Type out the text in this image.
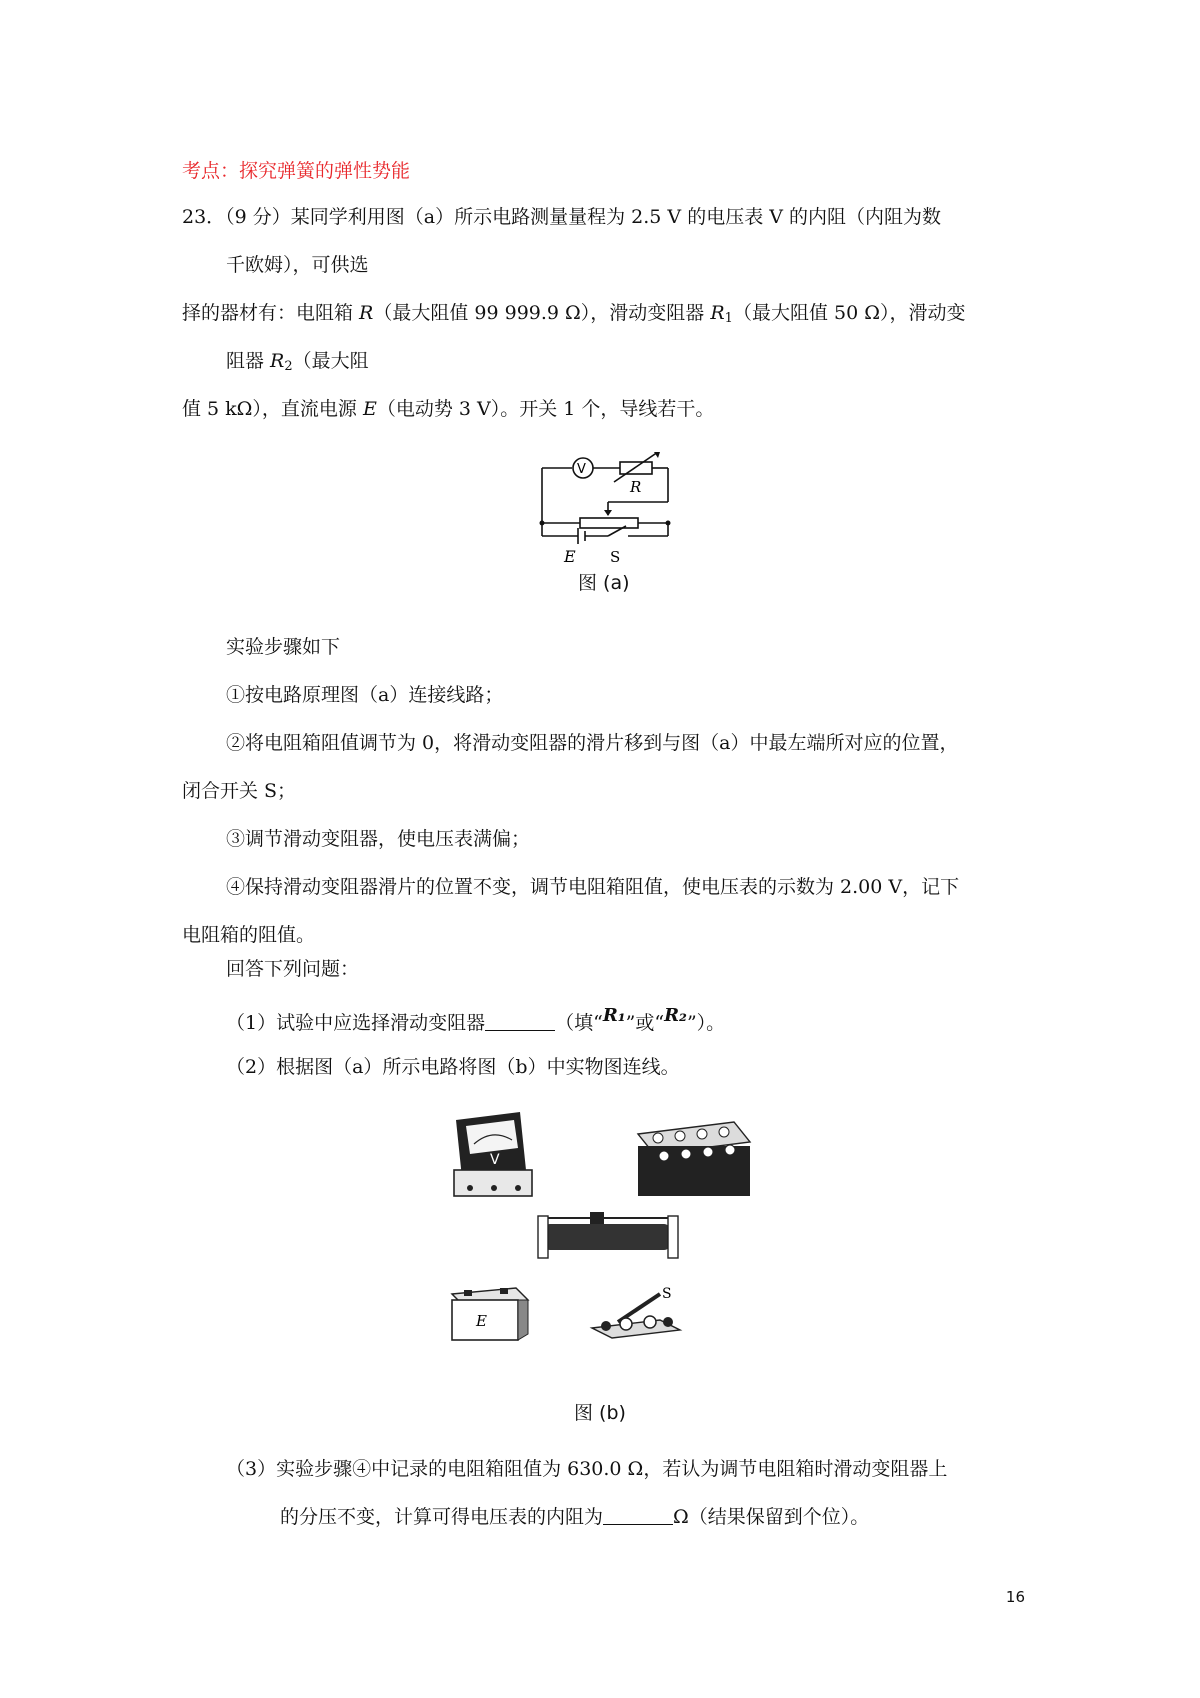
考点：探究弹簧的弹性势能
23．（9 分）某同学利用图（a）所示电路测量量程为 2.5 V 的电压表 V 的内阻（内阻为数
千欧姆），可供选
择的器材有：电阻箱 R（最大阻值 99 999.9 Ω），滑动变阻器 $R_1$（最大阻值 50 Ω），滑动变
阻器 $R_2$（最大阻
值 5 kΩ），直流电源 E（电动势 3 V）。开关 1 个，导线若干。
V
R
E S
图 (a)
实验步骤如下
①按电路原理图（a）连接线路；
②将电阻箱阻值调节为 0，将滑动变阻器的滑片移到与图（a）中最左端所对应的位置，
闭合开关 S；
③调节滑动变阻器，使电压表满偏；
④保持滑动变阻器滑片的位置不变，调节电阻箱阻值，使电压表的示数为 2.00 V，记下
电阻箱的阻值。
回答下列问题：
（1）试验中应选择滑动变阻器	（填“R₁”或“R₂”）。
（2）根据图（a）所示电路将图（b）中实物图连线。
V
E
S
图 (b)
（3）实验步骤④中记录的电阻箱阻值为 630.0 Ω，若认为调节电阻箱时滑动变阻器上
的分压不变，计算可得电压表的内阻为	Ω（结果保留到个位）。
16
